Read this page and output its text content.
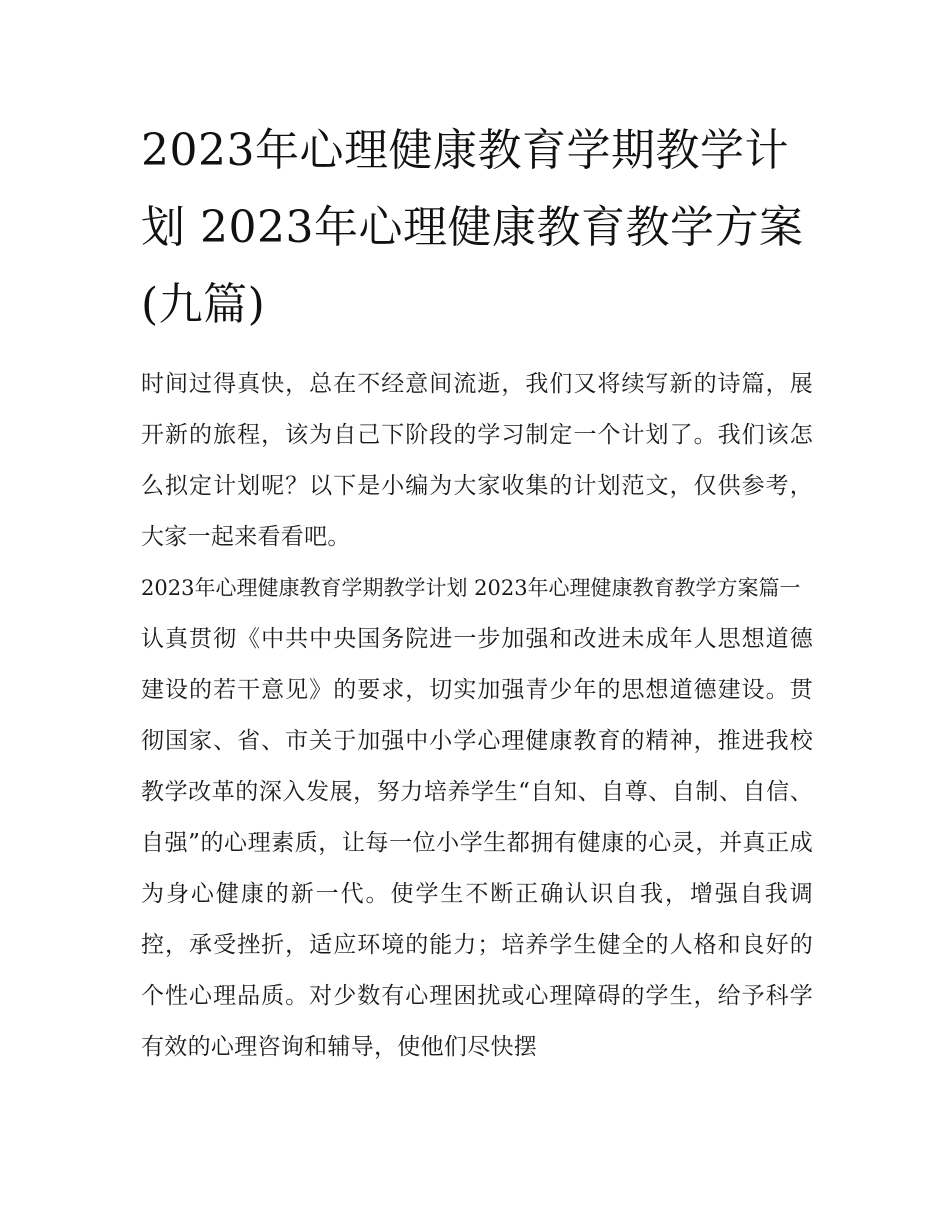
2023年心理健康教育学期教学计划 2023年心理健康教育教学方案(九篇)

时间过得真快，总在不经意间流逝，我们又将续写新的诗篇，展开新的旅程，该为自己下阶段的学习制定一个计划了。我们该怎么拟定计划呢？以下是小编为大家收集的计划范文，仅供参考，大家一起来看看吧。

2023年心理健康教育学期教学计划 2023年心理健康教育教学方案篇一

认真贯彻《中共中央国务院进一步加强和改进未成年人思想道德建设的若干意见》的要求，切实加强青少年的思想道德建设。贯彻国家、省、市关于加强中小学心理健康教育的精神，推进我校教学改革的深入发展，努力培养学生“自知、自尊、自制、自信、自强”的心理素质，让每一位小学生都拥有健康的心灵，并真正成为身心健康的新一代。使学生不断正确认识自我，增强自我调控，承受挫折，适应环境的能力；培养学生健全的人格和良好的个性心理品质。对少数有心理困扰或心理障碍的学生，给予科学有效的心理咨询和辅导，使他们尽快摆
